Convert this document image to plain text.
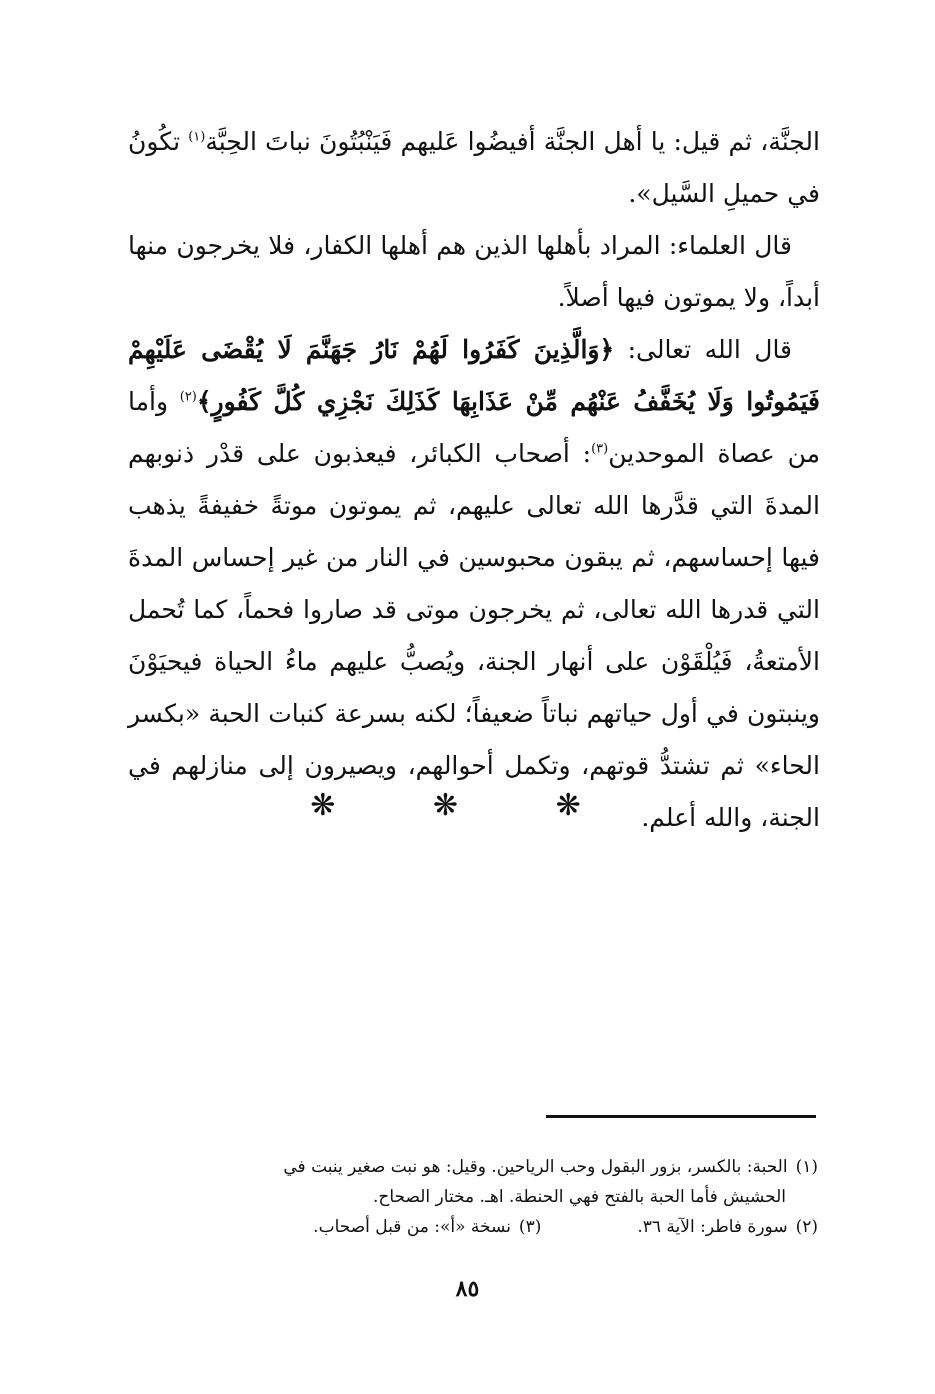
الجنَّة، ثم قيل: يا أهل الجنَّة أفيضُوا عَليهم فَيَنْبُتُونَ نباتَ الحِبَّة$^{(١)}$ تكُونُ في حميلِ السَّيل».

قال العلماء: المراد بأهلها الذين هم أهلها الكفار، فلا يخرجون منها أبداً، ولا يموتون فيها أصلاً.

قال الله تعالى: ﴿وَالَّذِينَ كَفَرُوا لَهُمْ نَارُ جَهَنَّمَ لَا يُقْضَى عَلَيْهِمْ فَيَمُوتُوا وَلَا يُخَفَّفُ عَنْهُم مِّنْ عَذَابِهَا كَذَلِكَ نَجْزِي كُلَّ كَفُورٍ﴾$^{(٢)}$ وأما من عصاة الموحدين$^{(٣)}$: أصحاب الكبائر، فيعذبون على قدْر ذنوبهم المدةَ التي قدَّرها الله تعالى عليهم، ثم يموتون موتةً خفيفةً يذهب فيها إحساسهم، ثم يبقون محبوسين في النار من غير إحساس المدةَ التي قدرها الله تعالى، ثم يخرجون موتى قد صاروا فحماً، كما تُحمل الأمتعةُ، فَيُلْقَوْن على أنهار الجنة، ويُصبُّ عليهم ماءُ الحياة فيحيَوْنَ وينبتون في أول حياتهم نباتاً ضعيفاً؛ لكنه بسرعة كنبات الحبة «بكسر الحاء» ثم تشتدُّ قوتهم، وتكمل أحوالهم، ويصيرون إلى منازلهم في الجنة، والله أعلم.

❋ ❋ ❋

(١)الحبة: بالكسر، بزور البقول وحب الرياحين. وقيل: هو نبت صغير ينبت في

الحشيش فأما الحبة بالفتح فهي الحنطة. اهـ. مختار الصحاح.

(٢)سورة فاطر: الآية ٣٦.
(٣)نسخة «أ»: من قبل أصحاب.
٨٥
